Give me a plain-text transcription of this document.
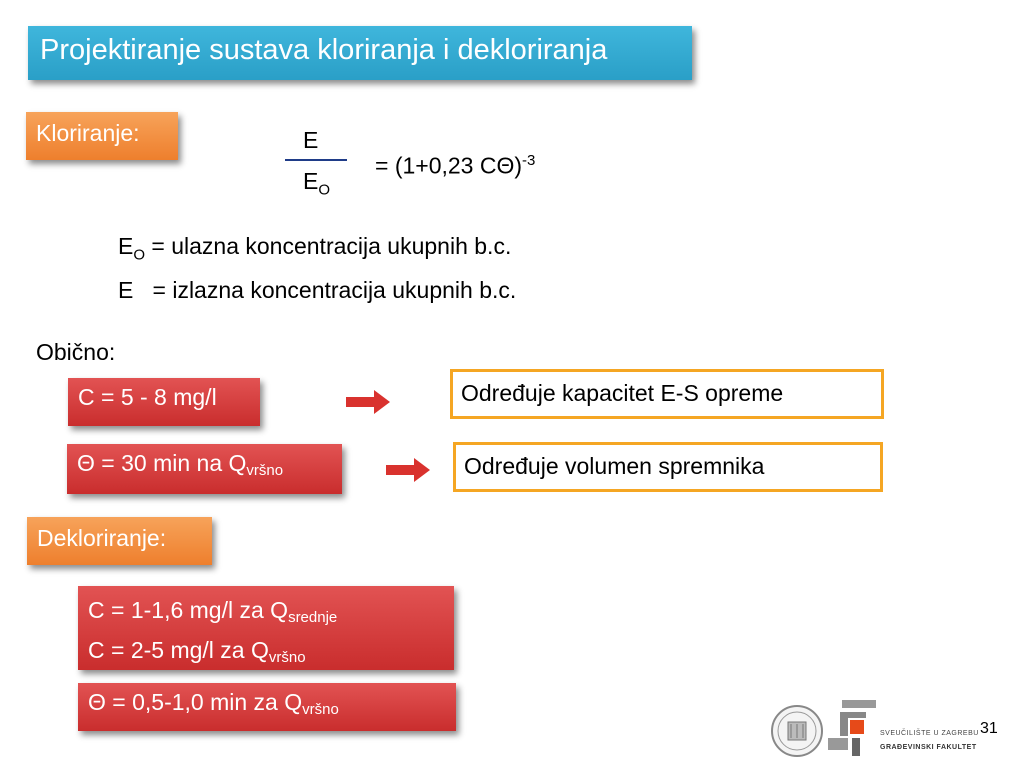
Projektiranje sustava kloriranja i dekloriranja
Kloriranje:	E
$E_O$
= (1+0,23 CΘ)$^{-3}$
$E_O$ = ulazna koncentracija ukupnih b.c.
E = izlazna koncentracija ukupnih b.c.
Obično:
C = 5 - 8 mg/l	Određuje kapacitet E-S opreme
Θ = 30 min na $Q_{vršno}$	Određuje volumen spremnika
Dekloriranje:
C = 1-1,6 mg/l za $Q_{srednje}$
C = 2-5 mg/l za $Q_{vršno}$
Θ = 0,5-1,0 min za $Q_{vršno}$
SVEUČILIŠTE U ZAGREBU
GRAĐEVINSKI FAKULTET
31
